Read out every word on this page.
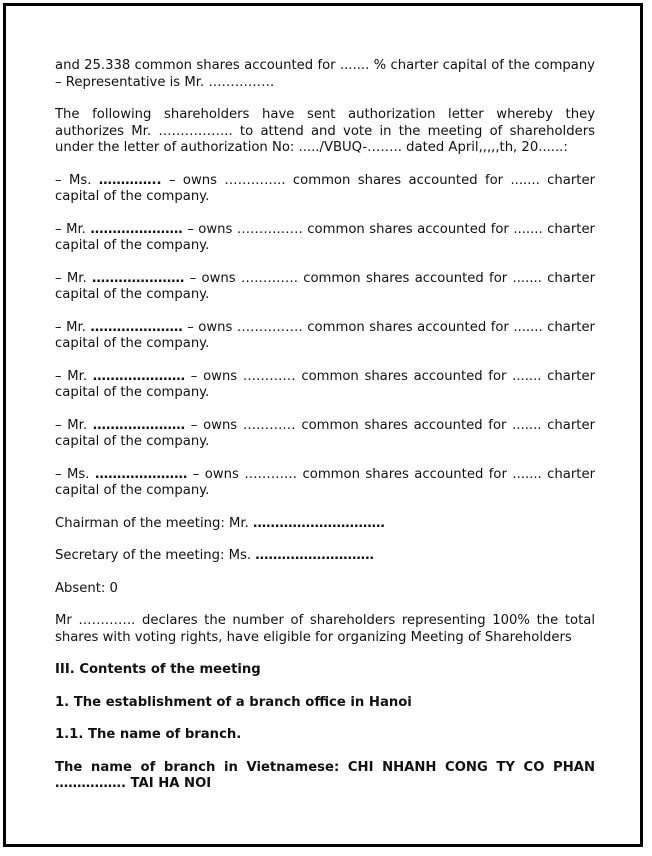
and 25.338 common shares accounted for ....... % charter capital of the company – Representative is Mr. ……………

The following shareholders have sent authorization letter whereby they authorizes Mr. …………….. to attend and vote in the meeting of shareholders under the letter of authorization No: ...../VBUQ-…….. dated April,,,,,th, 20......:

– Ms. ………….. – owns ………….. common shares accounted for ....... charter capital of the company.

– Mr. ………………… – owns …………… common shares accounted for ....... charter capital of the company.

– Mr. ………………… – owns …………. common shares accounted for ....... charter capital of the company.

– Mr. ………………… – owns …………… common shares accounted for ....... charter capital of the company.

– Mr. ………………… – owns ………… common shares accounted for ....... charter capital of the company.

– Mr. ………………… – owns ………… common shares accounted for ....... charter capital of the company.

– Ms. ………………… – owns ………… common shares accounted for ....... charter capital of the company.

Chairman of the meeting: Mr. …………………………

Secretary of the meeting: Ms. ………………………

Absent: 0

Mr …………. declares the number of shareholders representing 100% the total shares with voting rights, have eligible for organizing Meeting of Shareholders

III. Contents of the meeting

1. The establishment of a branch office in Hanoi

1.1. The name of branch.

The name of branch in Vietnamese: CHI NHANH CONG TY CO PHAN ……………. TAI HA NOI
